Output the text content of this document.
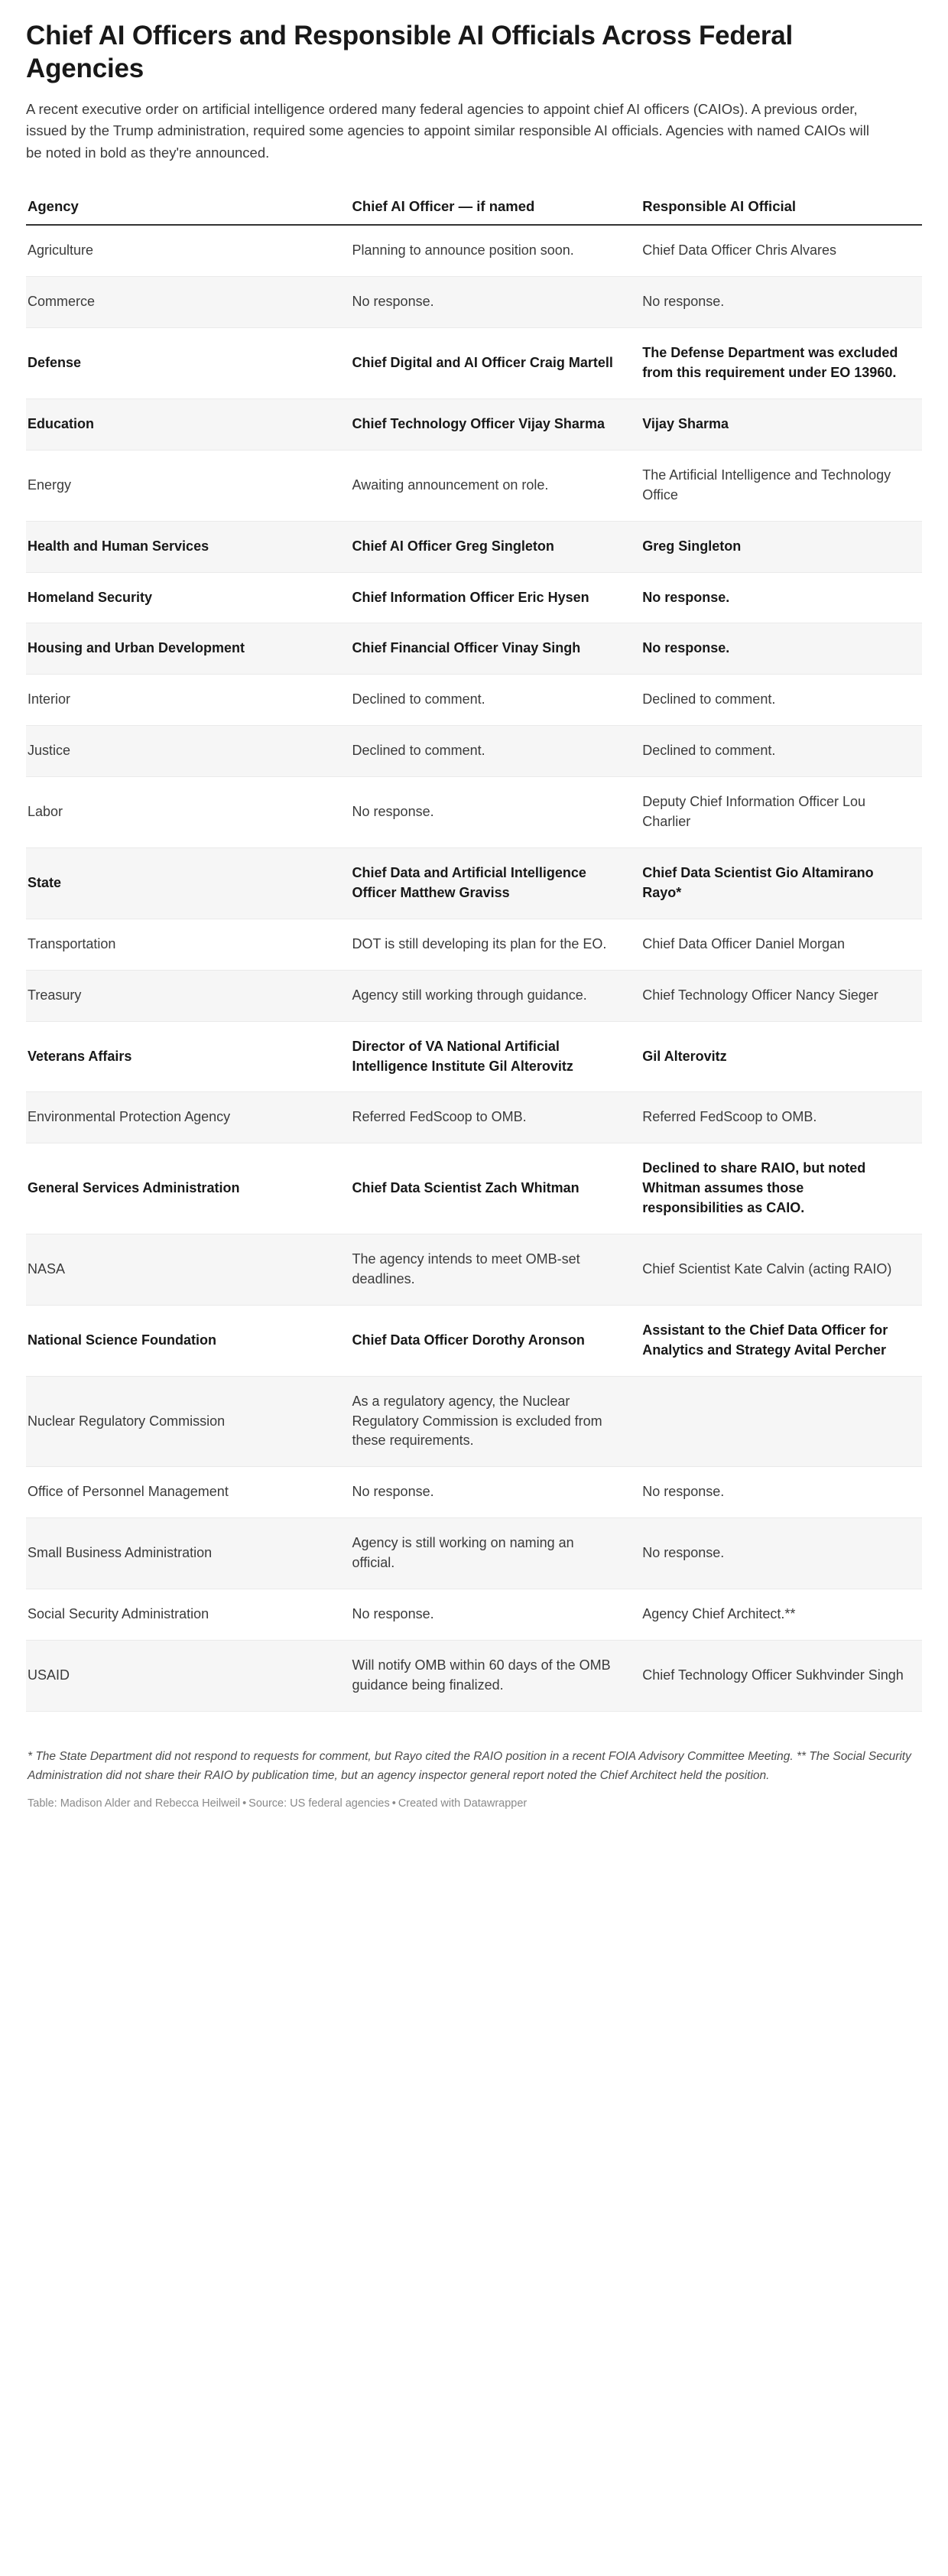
Chief AI Officers and Responsible AI Officials Across Federal Agencies

A recent executive order on artificial intelligence ordered many federal agencies to appoint chief AI officers (CAIOs). A previous order, issued by the Trump administration, required some agencies to appoint similar responsible AI officials. Agencies with named CAIOs will be noted in bold as they're announced.

Agency	Chief AI Officer — if named	Responsible AI Official
Agriculture	Planning to announce position soon.	Chief Data Officer Chris Alvares
Commerce	No response.	No response.
Defense	Chief Digital and AI Officer Craig Martell	The Defense Department was excluded from this requirement under EO 13960.
Education	Chief Technology Officer Vijay Sharma	Vijay Sharma
Energy	Awaiting announcement on role.	The Artificial Intelligence and Technology Office
Health and Human Services	Chief AI Officer Greg Singleton	Greg Singleton
Homeland Security	Chief Information Officer Eric Hysen	No response.
Housing and Urban Development	Chief Financial Officer Vinay Singh	No response.
Interior	Declined to comment.	Declined to comment.
Justice	Declined to comment.	Declined to comment.
Labor	No response.	Deputy Chief Information Officer Lou Charlier
State	Chief Data and Artificial Intelligence Officer Matthew Graviss	Chief Data Scientist Gio Altamirano Rayo*
Transportation	DOT is still developing its plan for the EO.	Chief Data Officer Daniel Morgan
Treasury	Agency still working through guidance.	Chief Technology Officer Nancy Sieger
Veterans Affairs	Director of VA National Artificial Intelligence Institute Gil Alterovitz	Gil Alterovitz
Environmental Protection Agency	Referred FedScoop to OMB.	Referred FedScoop to OMB.
General Services Administration	Chief Data Scientist Zach Whitman	Declined to share RAIO, but noted Whitman assumes those responsibilities as CAIO.
NASA	The agency intends to meet OMB-set deadlines.	Chief Scientist Kate Calvin (acting RAIO)
National Science Foundation	Chief Data Officer Dorothy Aronson	Assistant to the Chief Data Officer for Analytics and Strategy Avital Percher
Nuclear Regulatory Commission	As a regulatory agency, the Nuclear Regulatory Commission is excluded from these requirements.	
Office of Personnel Management	No response.	No response.
Small Business Administration	Agency is still working on naming an official.	No response.
Social Security Administration	No response.	Agency Chief Architect.**
USAID	Will notify OMB within 60 days of the OMB guidance being finalized.	Chief Technology Officer Sukhvinder Singh

* The State Department did not respond to requests for comment, but Rayo cited the RAIO position in a recent FOIA Advisory Committee Meeting. ** The Social Security Administration did not share their RAIO by publication time, but an agency inspector general report noted the Chief Architect held the position.

Table: Madison Alder and Rebecca Heilweil • Source: US federal agencies • Created with Datawrapper
